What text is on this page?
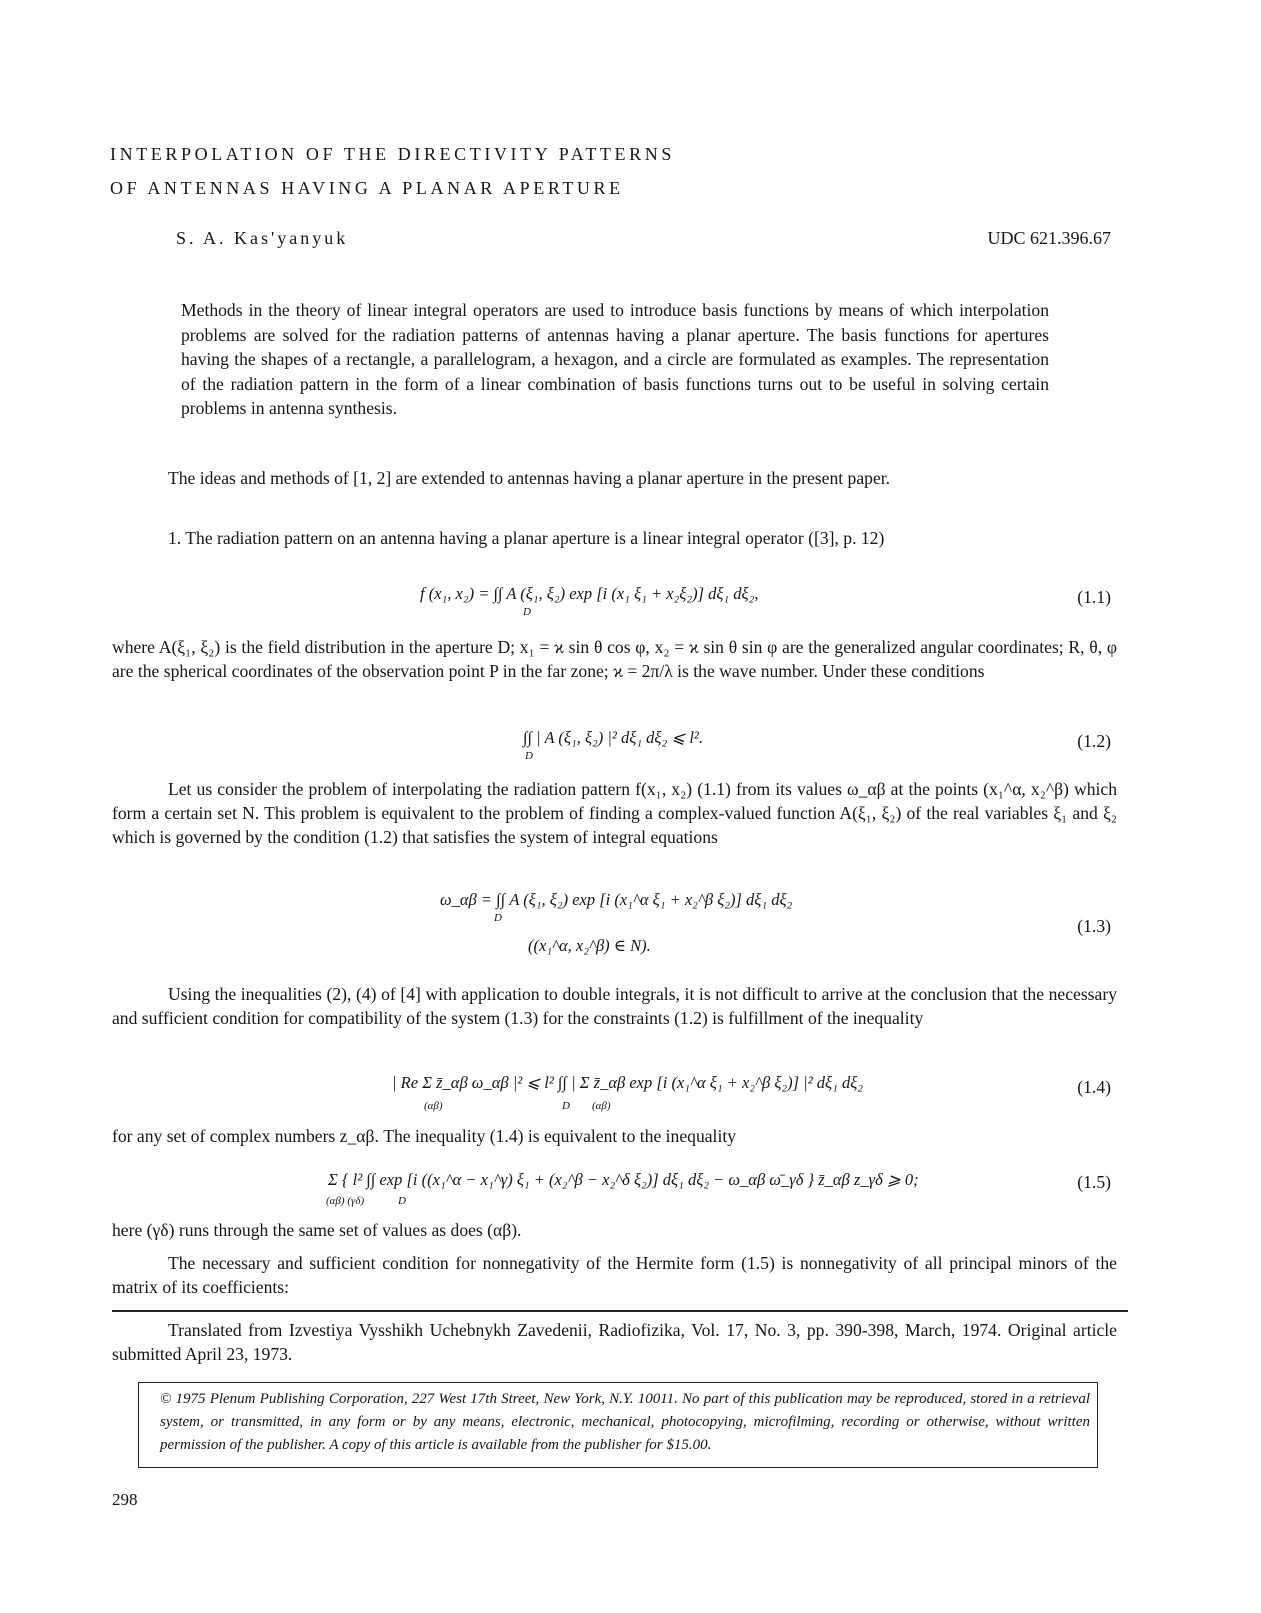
INTERPOLATION OF THE DIRECTIVITY PATTERNS
OF ANTENNAS HAVING A PLANAR APERTURE
S. A. Kas'yanyuk	UDC 621.396.67
Methods in the theory of linear integral operators are used to introduce basis functions by means of which interpolation problems are solved for the radiation patterns of antennas having a planar aperture. The basis functions for apertures having the shapes of a rectangle, a parallelogram, a hexagon, and a circle are formulated as examples. The representation of the radiation pattern in the form of a linear combination of basis functions turns out to be useful in solving certain problems in antenna synthesis.
The ideas and methods of [1, 2] are extended to antennas having a planar aperture in the present paper.
1. The radiation pattern on an antenna having a planar aperture is a linear integral operator ([3], p. 12)
f (x₁, x₂) = ∫∫ A (ξ₁, ξ₂) exp [i (x₁ ξ₁ + x₂ξ₂)] dξ₁ dξ₂,
D
(1.1)
where A(ξ₁, ξ₂) is the field distribution in the aperture D; x₁ = ϰ sin θ cos φ, x₂ = ϰ sin θ sin φ are the generalized angular coordinates; R, θ, φ are the spherical coordinates of the observation point P in the far zone; ϰ = 2π/λ is the wave number. Under these conditions
∫∫ | A (ξ₁, ξ₂) |² dξ₁ dξ₂ ⩽ l².
D
(1.2)
Let us consider the problem of interpolating the radiation pattern f(x₁, x₂) (1.1) from its values ω_αβ at the points (x₁^α, x₂^β) which form a certain set N. This problem is equivalent to the problem of finding a complex-valued function A(ξ₁, ξ₂) of the real variables ξ₁ and ξ₂ which is governed by the condition (1.2) that satisfies the system of integral equations
ω_αβ = ∫∫ A (ξ₁, ξ₂) exp [i (x₁^α ξ₁ + x₂^β ξ₂)] dξ₁ dξ₂
D
((x₁^α, x₂^β) ∈ N).
(1.3)
Using the inequalities (2), (4) of [4] with application to double integrals, it is not difficult to arrive at the conclusion that the necessary and sufficient condition for compatibility of the system (1.3) for the constraints (1.2) is fulfillment of the inequality
| Re Σ z̄_αβ ω_αβ |² ⩽ l² ∫∫ | Σ z̄_αβ exp [i (x₁^α ξ₁ + x₂^β ξ₂)] |² dξ₁ dξ₂
(αβ)	D (αβ)
(1.4)
for any set of complex numbers z_αβ. The inequality (1.4) is equivalent to the inequality
Σ { l² ∫∫ exp [i ((x₁^α − x₁^γ) ξ₁ + (x₂^β − x₂^δ ξ₂)] dξ₁ dξ₂ − ω_αβ ω̄_γδ } z̄_αβ z_γδ ⩾ 0;
(αβ) (γδ)	D
(1.5)
here (γδ) runs through the same set of values as does (αβ).
The necessary and sufficient condition for nonnegativity of the Hermite form (1.5) is nonnegativity of all principal minors of the matrix of its coefficients:
Translated from Izvestiya Vysshikh Uchebnykh Zavedenii, Radiofizika, Vol. 17, No. 3, pp. 390-398, March, 1974. Original article submitted April 23, 1973.
© 1975 Plenum Publishing Corporation, 227 West 17th Street, New York, N.Y. 10011. No part of this publication may be reproduced, stored in a retrieval system, or transmitted, in any form or by any means, electronic, mechanical, photocopying, microfilming, recording or otherwise, without written permission of the publisher. A copy of this article is available from the publisher for $15.00.
298
